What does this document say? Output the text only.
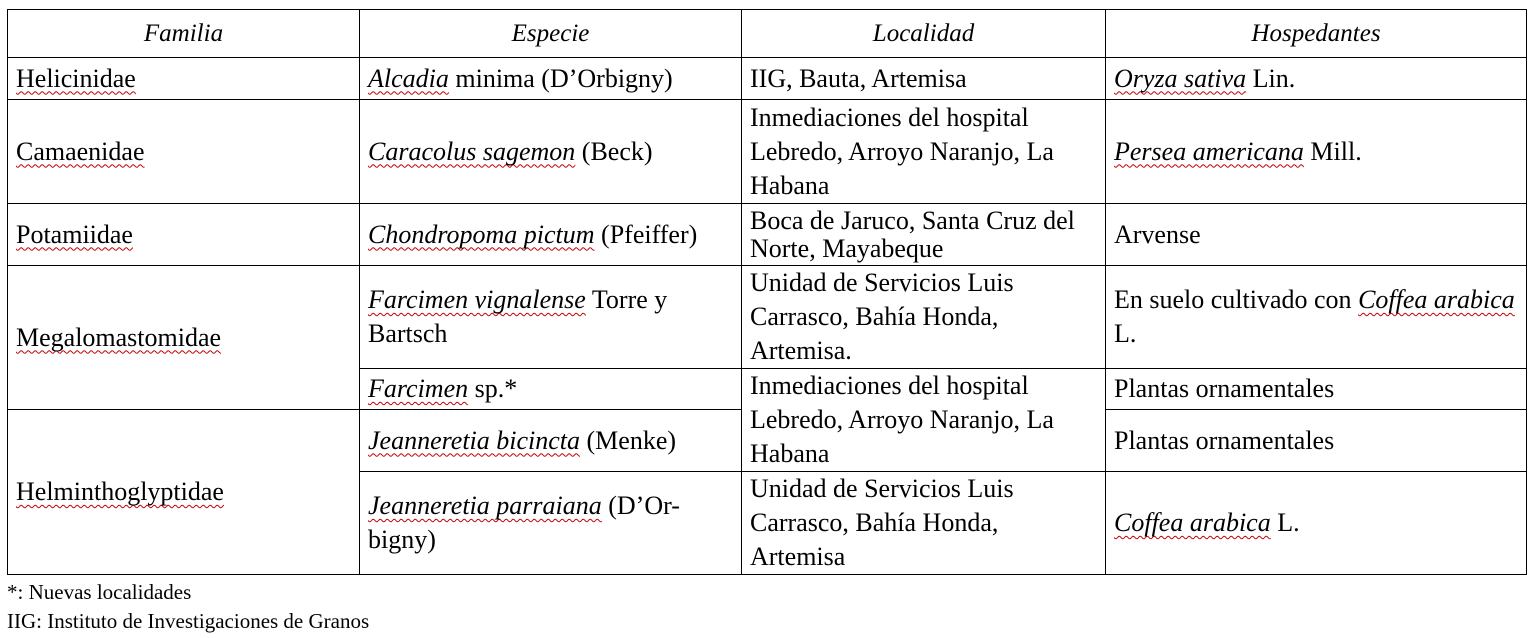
Familia	Especie	Localidad	Hospedantes
Helicinidae	Alcadia minima (D’Orbigny)	IIG, Bauta, Artemisa	Oryza sativa Lin.
Camaenidae	Caracolus sagemon (Beck)	Inmediaciones del hospital Lebredo, Arroyo Naranjo, La Habana	Persea americana Mill.
Potamiidae	Chondropoma pictum (Pfeiffer)	Boca de Jaruco, Santa Cruz del Norte, Mayabeque	Arvense
Megalomastomidae	Farcimen vignalense Torre y Bartsch	Unidad de Servicios Luis Carrasco, Bahía Honda, Artemisa.	En suelo cultivado con Coffea arabica L.
	Farcimen sp.*	Inmediaciones del hospital Lebredo, Arroyo Naranjo, La Habana	Plantas ornamentales
Helminthoglyptidae	Jeanneretia bicincta (Menke)		Plantas ornamentales
	Jeanneretia parraiana (D’Or-bigny)	Unidad de Servicios Luis Carrasco, Bahía Honda, Artemisa	Coffea arabica L.
*: Nuevas localidades
IIG: Instituto de Investigaciones de Granos
